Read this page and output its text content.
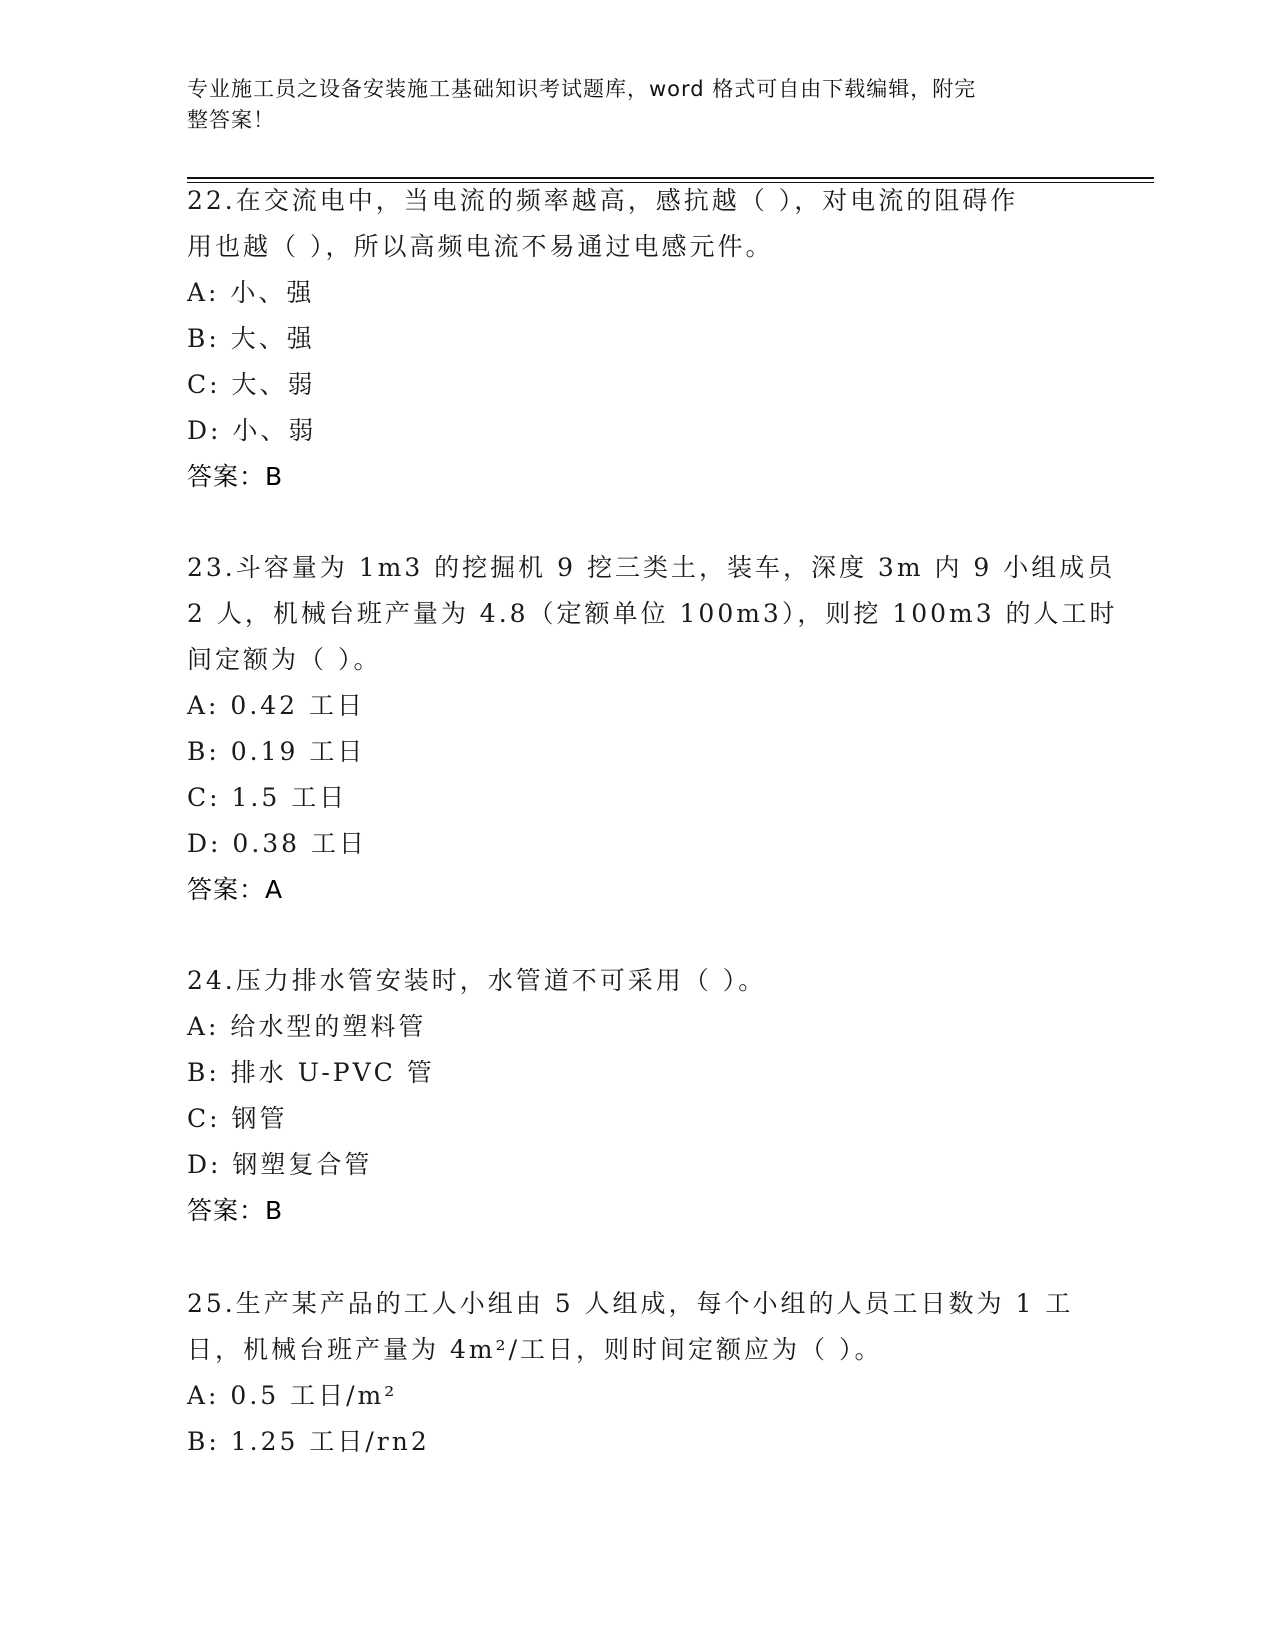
专业施工员之设备安装施工基础知识考试题库，word 格式可自由下载编辑，附完
整答案！
22.在交流电中，当电流的频率越高，感抗越（ ），对电流的阻碍作
用也越（ ），所以高频电流不易通过电感元件。
A: 小、强
B: 大、强
C: 大、弱
D: 小、弱
答案：B
23.斗容量为 1m3 的挖掘机 9 挖三类土，装车，深度 3m 内 9 小组成员
2 人，机械台班产量为 4.8（定额单位 100m3），则挖 100m3 的人工时
间定额为（ ）。
A: 0.42 工日
B: 0.19 工日
C: 1.5 工日
D: 0.38 工日
答案：A
24.压力排水管安装时，水管道不可采用（ ）。
A: 给水型的塑料管
B: 排水 U-PVC 管
C: 钢管
D: 钢塑复合管
答案：B
25.生产某产品的工人小组由 5 人组成，每个小组的人员工日数为 1 工
日，机械台班产量为 4m²/工日，则时间定额应为（ ）。
A: 0.5 工日/m²
B: 1.25 工日/rn2
